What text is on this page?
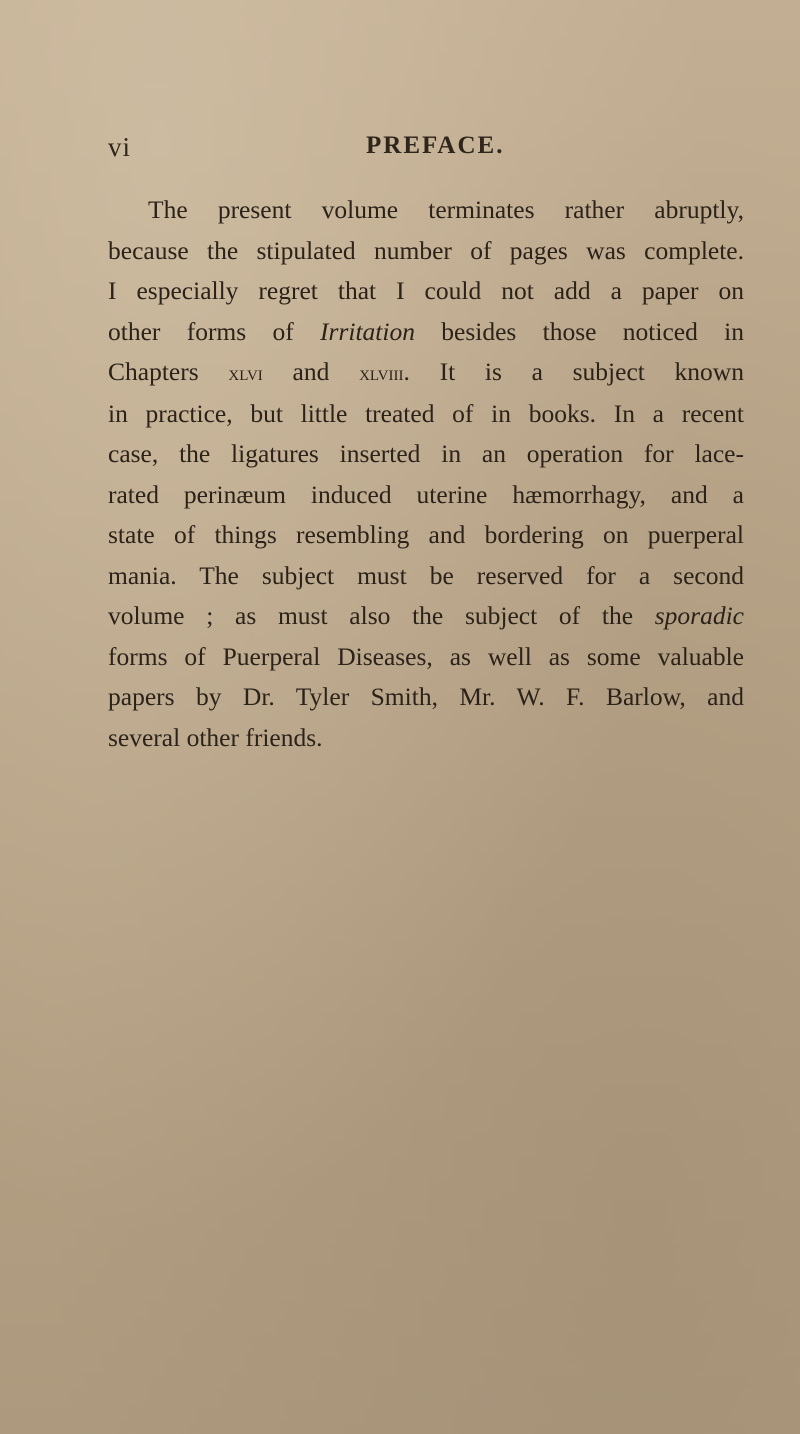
vi	PREFACE.
The present volume terminates rather abruptly,
because the stipulated number of pages was complete.
I especially regret that I could not add a paper on
other forms of Irritation besides those noticed in
Chapters xlvi and xlviii. It is a subject known
in practice, but little treated of in books. In a recent
case, the ligatures inserted in an operation for lace-
rated perinæum induced uterine hæmorrhagy, and a
state of things resembling and bordering on puerperal
mania. The subject must be reserved for a second
volume ; as must also the subject of the sporadic
forms of Puerperal Diseases, as well as some valuable
papers by Dr. Tyler Smith, Mr. W. F. Barlow, and
several other friends.
